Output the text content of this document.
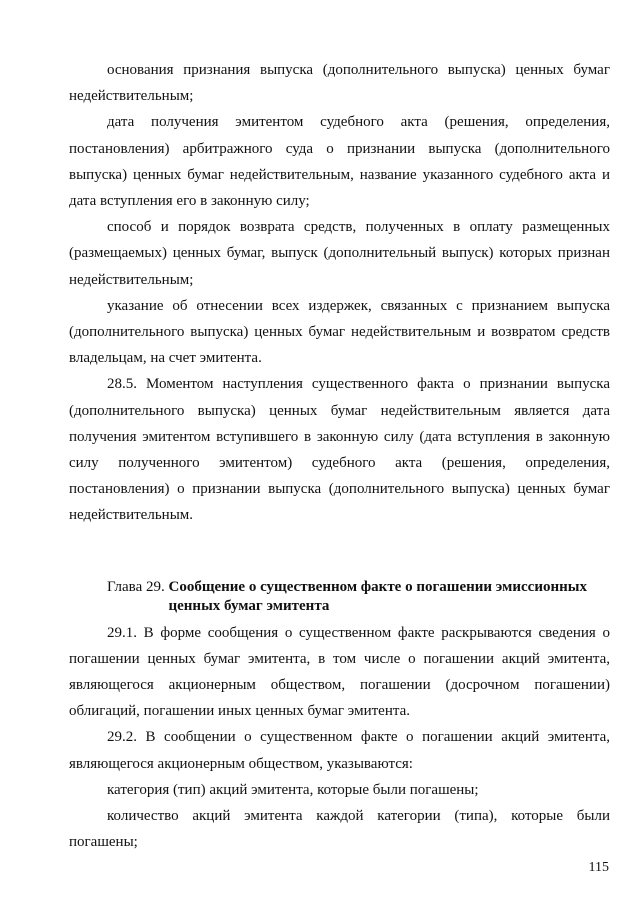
основания признания выпуска (дополнительного выпуска) ценных бумаг недействительным;

дата получения эмитентом судебного акта (решения, определения, постановления) арбитражного суда о признании выпуска (дополнительного выпуска) ценных бумаг недействительным, название указанного судебного акта и дата вступления его в законную силу;

способ и порядок возврата средств, полученных в оплату размещенных (размещаемых) ценных бумаг, выпуск (дополнительный выпуск) которых признан недействительным;

указание об отнесении всех издержек, связанных с признанием выпуска (дополнительного выпуска) ценных бумаг недействительным и возвратом средств владельцам, на счет эмитента.

28.5. Моментом наступления существенного факта о признании выпуска (дополнительного выпуска) ценных бумаг недействительным является дата получения эмитентом вступившего в законную силу (дата вступления в законную силу полученного эмитентом) судебного акта (решения, определения, постановления) о признании выпуска (дополнительного выпуска) ценных бумаг недействительным.

Глава 29. Сообщение о существенном факте о погашении эмиссионных ценных бумаг эмитента

29.1. В форме сообщения о существенном факте раскрываются сведения о погашении ценных бумаг эмитента, в том числе о погашении акций эмитента, являющегося акционерным обществом, погашении (досрочном погашении) облигаций, погашении иных ценных бумаг эмитента.

29.2. В сообщении о существенном факте о погашении акций эмитента, являющегося акционерным обществом, указываются:

категория (тип) акций эмитента, которые были погашены;

количество акций эмитента каждой категории (типа), которые были погашены;

115
